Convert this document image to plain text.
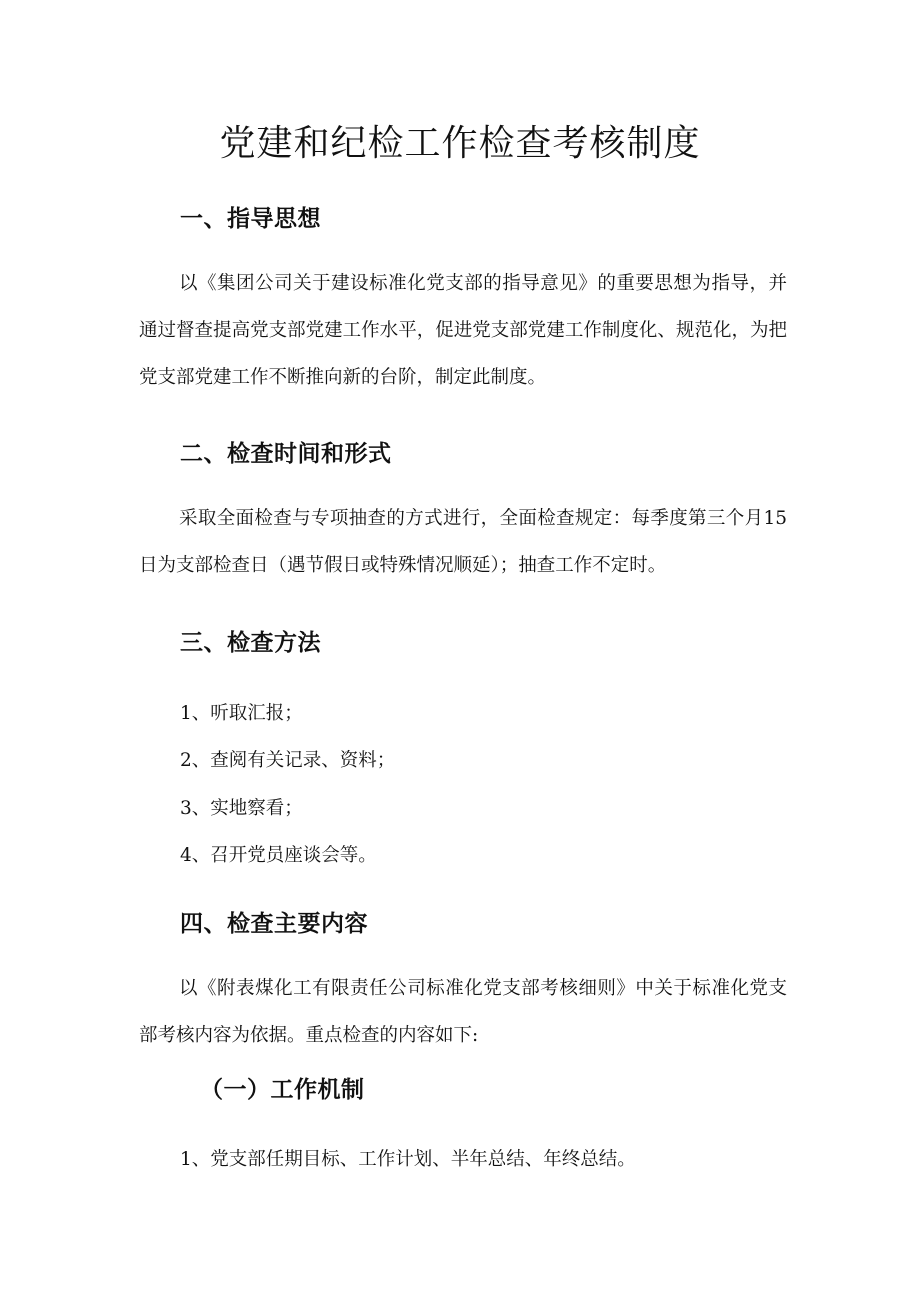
党建和纪检工作检查考核制度
一、指导思想
以《集团公司关于建设标准化党支部的指导意见》的重要思想为指导，并通过督查提高党支部党建工作水平，促进党支部党建工作制度化、规范化，为把党支部党建工作不断推向新的台阶，制定此制度。
二、检查时间和形式
采取全面检查与专项抽查的方式进行，全面检查规定：每季度第三个月15日为支部检查日（遇节假日或特殊情况顺延）；抽查工作不定时。
三、检查方法
1、听取汇报；
2、查阅有关记录、资料；
3、实地察看；
4、召开党员座谈会等。
四、检查主要内容
以《附表煤化工有限责任公司标准化党支部考核细则》中关于标准化党支部考核内容为依据。重点检查的内容如下:
（一）工作机制
1、党支部任期目标、工作计划、半年总结、年终总结。
